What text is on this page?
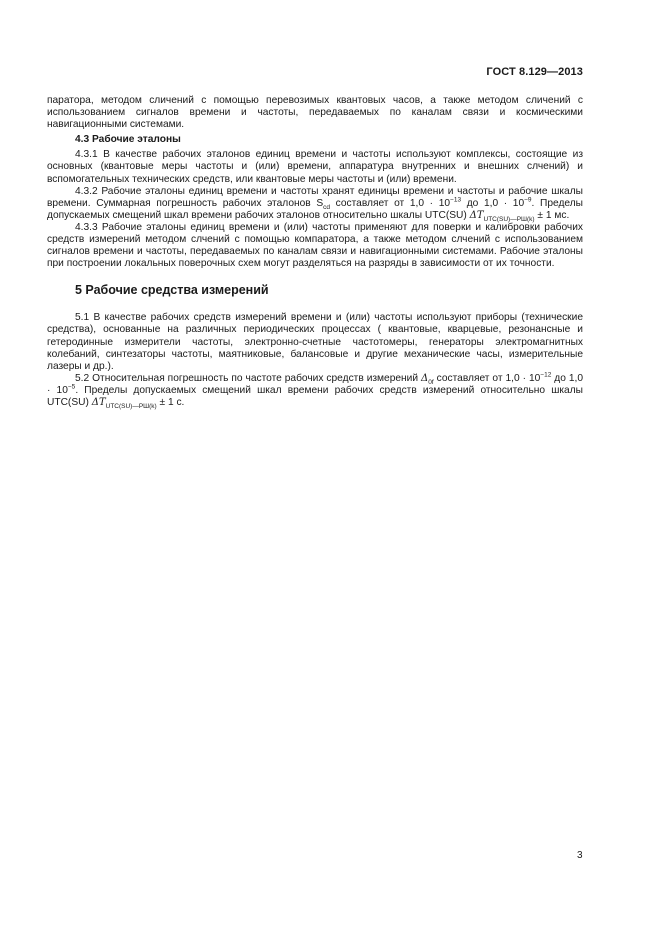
ГОСТ 8.129—2013

паратора, методом сличений с помощью перевозимых квантовых часов, а также методом сличений с использованием сигналов времени и частоты, передаваемых по каналам связи и космическими навигационными системами.

4.3 Рабочие эталоны

4.3.1 В качестве рабочих эталонов единиц времени и частоты используют комплексы, состоящие из основных (квантовые меры частоты и (или) времени, аппаратура внутренних и внешних слчений) и вспомогательных технических средств, или квантовые меры частоты и (или) времени.

4.3.2 Рабочие эталоны единиц времени и частоты хранят единицы времени и частоты и рабочие шкалы времени. Суммарная погрешность рабочих эталонов $S_{cd}$ составляет от $1,0 \cdot 10^{-13}$ до $1,0 \cdot 10^{-9}$. Пределы допускаемых смещений шкал времени рабочих эталонов относительно шкалы UTC(SU) $\Delta T_{UTC(SU)—РШ(k)} \pm 1$ мс.

4.3.3 Рабочие эталоны единиц времени и (или) частоты применяют для поверки и калибровки рабочих средств измерений методом слчений с помощью компаратора, а также методом слчений с использованием сигналов времени и частоты, передаваемых по каналам связи и навигационными системами. Рабочие эталоны при построении локальных поверочных схем могут разделяться на разряды в зависимости от их точности.

5 Рабочие средства измерений

5.1 В качестве рабочих средств измерений времени и (или) частоты используют приборы (технические средства), основанные на различных периодических процессах ( квантовые, кварцевые, резонансные и гетеродинные измерители частоты, электронно-счетные частотомеры, генераторы электромагнитных колебаний, синтезаторы частоты, маятниковые, балансовые и другие механические часы, измерительные лазеры и др.).

5.2 Относительная погрешность по частоте рабочих средств измерений $\Delta_{0f}$ составляет от $1,0 \cdot 10^{-12}$ до $1,0 \cdot 10^{-5}$. Пределы допускаемых смещений шкал времени рабочих средств измерений относительно шкалы UTC(SU) $\Delta T_{UTC(SU)—РШ(k)} \pm 1$ с.

3
